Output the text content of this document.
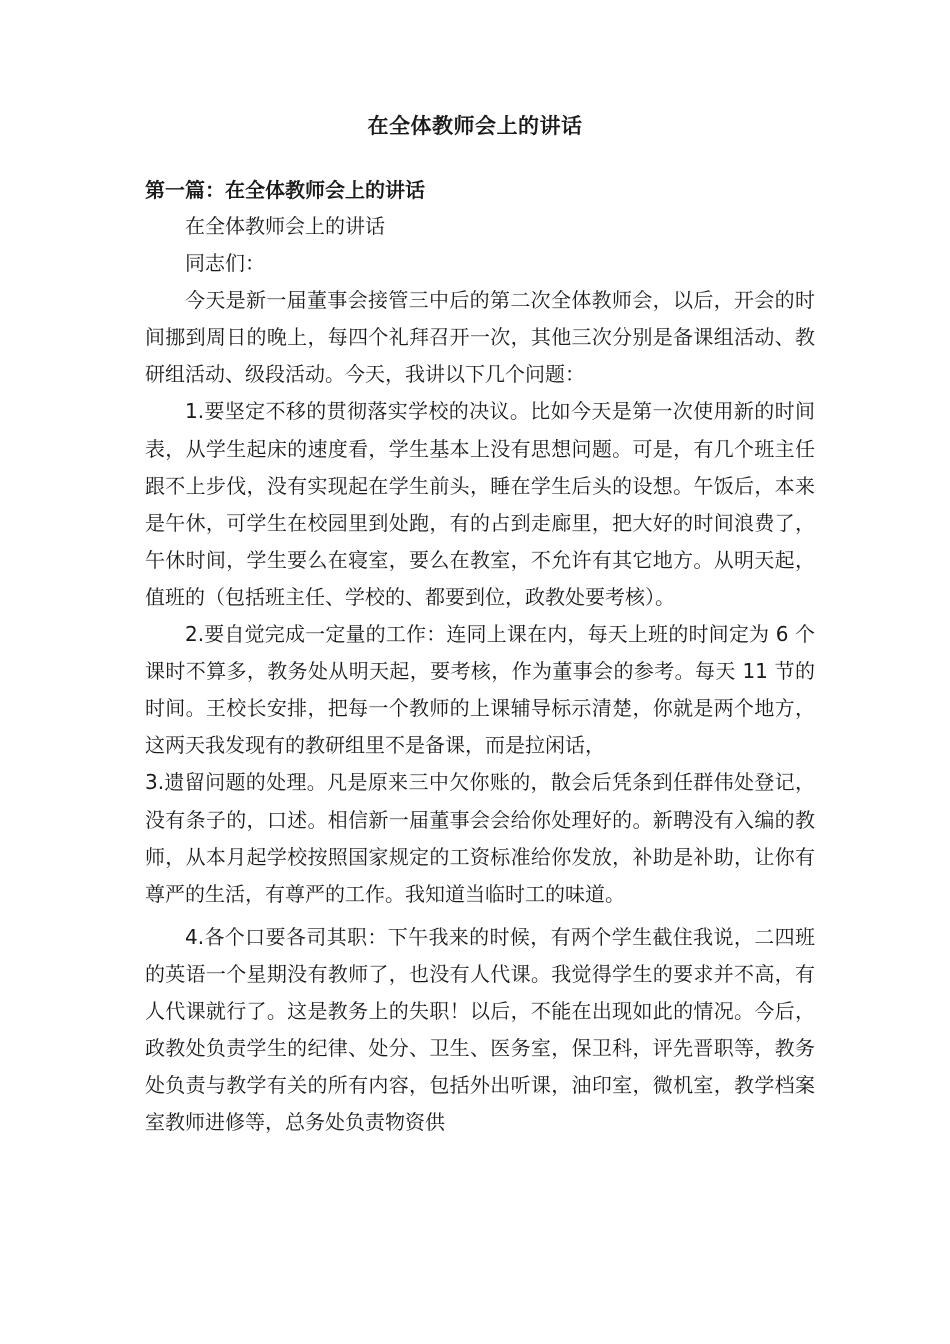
在全体教师会上的讲话
第一篇：在全体教师会上的讲话

在全体教师会上的讲话

同志们：

今天是新一届董事会接管三中后的第二次全体教师会，以后，开会的时间挪到周日的晚上，每四个礼拜召开一次，其他三次分别是备课组活动、教研组活动、级段活动。今天，我讲以下几个问题：

1.要坚定不移的贯彻落实学校的决议。比如今天是第一次使用新的时间表，从学生起床的速度看，学生基本上没有思想问题。可是，有几个班主任跟不上步伐，没有实现起在学生前头，睡在学生后头的设想。午饭后，本来是午休，可学生在校园里到处跑，有的占到走廊里，把大好的时间浪费了，午休时间，学生要么在寝室，要么在教室，不允许有其它地方。从明天起，值班的（包括班主任、学校的、都要到位，政教处要考核）。

2.要自觉完成一定量的工作：连同上课在内，每天上班的时间定为 6 个课时不算多，教务处从明天起，要考核，作为董事会的参考。每天 11 节的时间。王校长安排，把每一个教师的上课辅导标示清楚，你就是两个地方，这两天我发现有的教研组里不是备课，而是拉闲话，

3.遗留问题的处理。凡是原来三中欠你账的，散会后凭条到任群伟处登记，没有条子的，口述。相信新一届董事会会给你处理好的。新聘没有入编的教师，从本月起学校按照国家规定的工资标准给你发放，补助是补助，让你有尊严的生活，有尊严的工作。我知道当临时工的味道。

4.各个口要各司其职：下午我来的时候，有两个学生截住我说，二四班的英语一个星期没有教师了，也没有人代课。我觉得学生的要求并不高，有人代课就行了。这是教务上的失职！以后，不能在出现如此的情况。今后，政教处负责学生的纪律、处分、卫生、医务室，保卫科，评先晋职等，教务处负责与教学有关的所有内容，包括外出听课，油印室，微机室，教学档案室教师进修等，总务处负责物资供
